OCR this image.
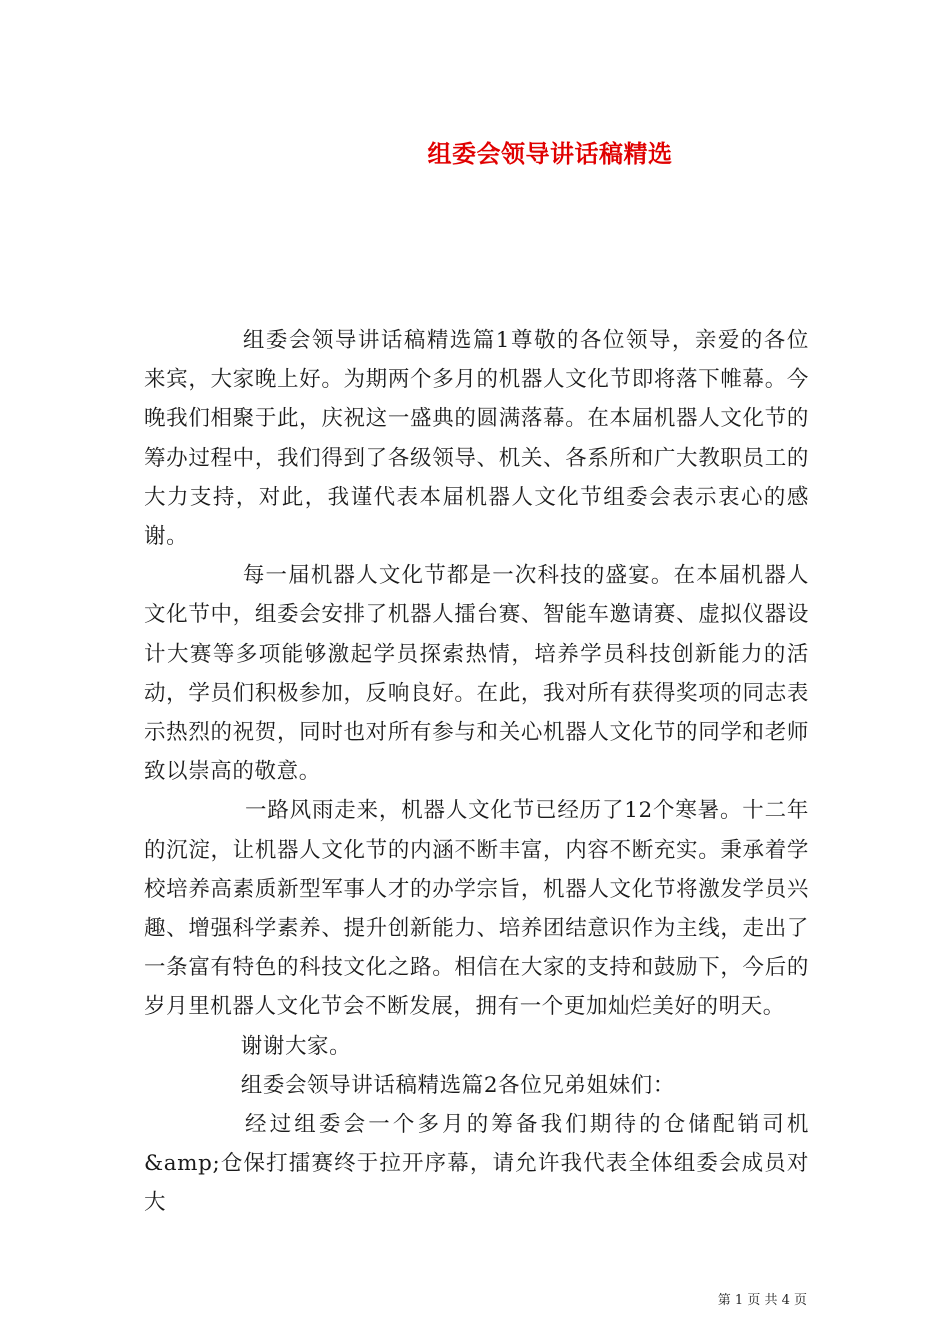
组委会领导讲话稿精选

组委会领导讲话稿精选篇1尊敬的各位领导，亲爱的各位来宾，大家晚上好。为期两个多月的机器人文化节即将落下帷幕。今晚我们相聚于此，庆祝这一盛典的圆满落幕。在本届机器人文化节的筹办过程中，我们得到了各级领导、机关、各系所和广大教职员工的大力支持，对此，我谨代表本届机器人文化节组委会表示衷心的感谢。

每一届机器人文化节都是一次科技的盛宴。在本届机器人文化节中，组委会安排了机器人擂台赛、智能车邀请赛、虚拟仪器设计大赛等多项能够激起学员探索热情，培养学员科技创新能力的活动，学员们积极参加，反响良好。在此，我对所有获得奖项的同志表示热烈的祝贺，同时也对所有参与和关心机器人文化节的同学和老师致以崇高的敬意。

一路风雨走来，机器人文化节已经历了12个寒暑。十二年的沉淀，让机器人文化节的内涵不断丰富，内容不断充实。秉承着学校培养高素质新型军事人才的办学宗旨，机器人文化节将激发学员兴趣、增强科学素养、提升创新能力、培养团结意识作为主线，走出了一条富有特色的科技文化之路。相信在大家的支持和鼓励下，今后的岁月里机器人文化节会不断发展，拥有一个更加灿烂美好的明天。

谢谢大家。

组委会领导讲话稿精选篇2各位兄弟姐妹们：

经过组委会一个多月的筹备我们期待的仓储配销司机&amp;仓保打擂赛终于拉开序幕，请允许我代表全体组委会成员对大

第 1 页 共 4 页
